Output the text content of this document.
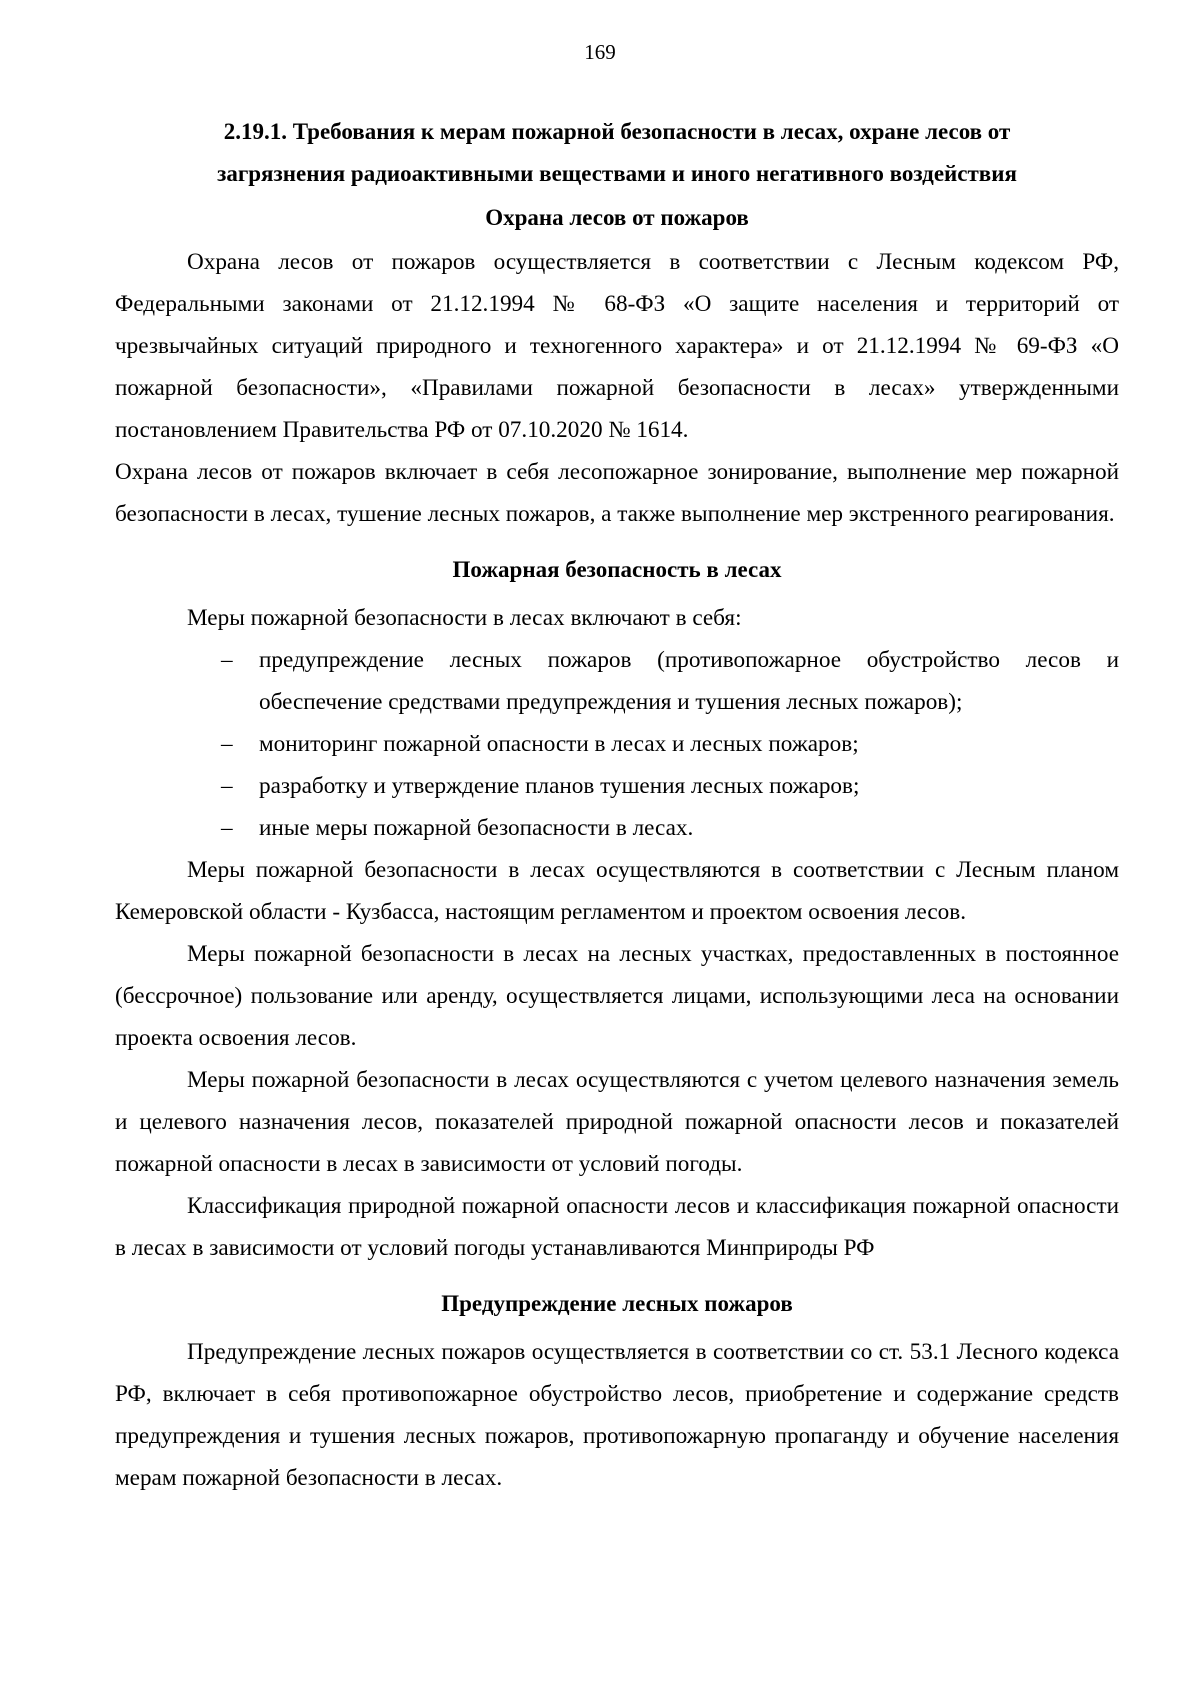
169
2.19.1. Требования к мерам пожарной безопасности в лесах, охране лесов от загрязнения радиоактивными веществами и иного негативного воздействия
Охрана лесов от пожаров

Охрана лесов от пожаров осуществляется в соответствии с Лесным кодексом РФ, Федеральными законами от 21.12.1994 № 68-ФЗ «О защите населения и территорий от чрезвычайных ситуаций природного и техногенного характера» и от 21.12.1994 № 69-ФЗ «О пожарной безопасности», «Правилами пожарной безопасности в лесах» утвержденными постановлением Правительства РФ от 07.10.2020 № 1614.

Охрана лесов от пожаров включает в себя лесопожарное зонирование, выполнение мер пожарной безопасности в лесах, тушение лесных пожаров, а также выполнение мер экстренного реагирования.

Пожарная безопасность в лесах

Меры пожарной безопасности в лесах включают в себя:

– предупреждение лесных пожаров (противопожарное обустройство лесов и обеспечение средствами предупреждения и тушения лесных пожаров);
– мониторинг пожарной опасности в лесах и лесных пожаров;
– разработку и утверждение планов тушения лесных пожаров;
– иные меры пожарной безопасности в лесах.

Меры пожарной безопасности в лесах осуществляются в соответствии с Лесным планом Кемеровской области - Кузбасса, настоящим регламентом и проектом освоения лесов.

Меры пожарной безопасности в лесах на лесных участках, предоставленных в постоянное (бессрочное) пользование или аренду, осуществляется лицами, использующими леса на основании проекта освоения лесов.

Меры пожарной безопасности в лесах осуществляются с учетом целевого назначения земель и целевого назначения лесов, показателей природной пожарной опасности лесов и показателей пожарной опасности в лесах в зависимости от условий погоды.

Классификация природной пожарной опасности лесов и классификация пожарной опасности в лесах в зависимости от условий погоды устанавливаются Минприроды РФ

Предупреждение лесных пожаров

Предупреждение лесных пожаров осуществляется в соответствии со ст. 53.1 Лесного кодекса РФ, включает в себя противопожарное обустройство лесов, приобретение и содержание средств предупреждения и тушения лесных пожаров, противопожарную пропаганду и обучение населения мерам пожарной безопасности в лесах.
